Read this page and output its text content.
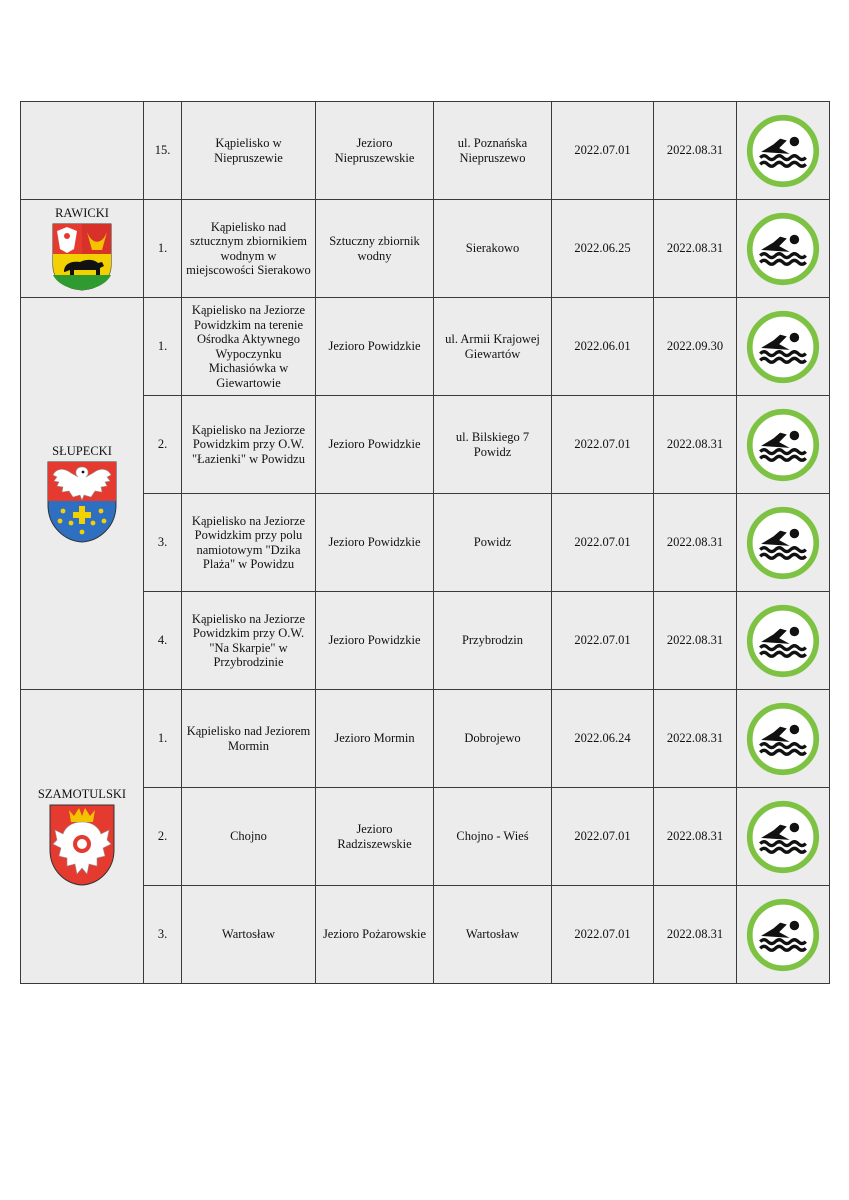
	15.	Kąpielisko w Niepruszewie	Jezioro Niepruszewskie	ul. Poznańska Niepruszewo	2022.07.01	2022.08.31	

RAWICKI	1.	Kąpielisko nad sztucznym zbiornikiem wodnym w miejscowości Sierakowo	Sztuczny zbiornik wodny	Sierakowo	2022.06.25	2022.08.31	

SŁUPECKI	1.	Kąpielisko na Jeziorze Powidzkim na terenie Ośrodka Aktywnego Wypoczynku Michasiówka w Giewartowie	Jezioro Powidzkie	ul. Armii Krajowej Giewartów	2022.06.01	2022.09.30	

	2.	Kąpielisko na Jeziorze Powidzkim przy O.W. "Łazienki" w Powidzu	Jezioro Powidzkie	ul. Bilskiego 7 Powidz	2022.07.01	2022.08.31	

	3.	Kąpielisko na Jeziorze Powidzkim przy polu namiotowym "Dzika Plaża" w Powidzu	Jezioro Powidzkie	Powidz	2022.07.01	2022.08.31	

	4.	Kąpielisko na Jeziorze Powidzkim przy O.W. "Na Skarpie" w Przybrodzinie	Jezioro Powidzkie	Przybrodzin	2022.07.01	2022.08.31	

SZAMOTULSKI	1.	Kąpielisko nad Jeziorem Mormin	Jezioro Mormin	Dobrojewo	2022.06.24	2022.08.31	

	2.	Chojno	Jezioro Radziszewskie	Chojno - Wieś	2022.07.01	2022.08.31	

	3.	Wartosław	Jezioro Pożarowskie	Wartosław	2022.07.01	2022.08.31	
